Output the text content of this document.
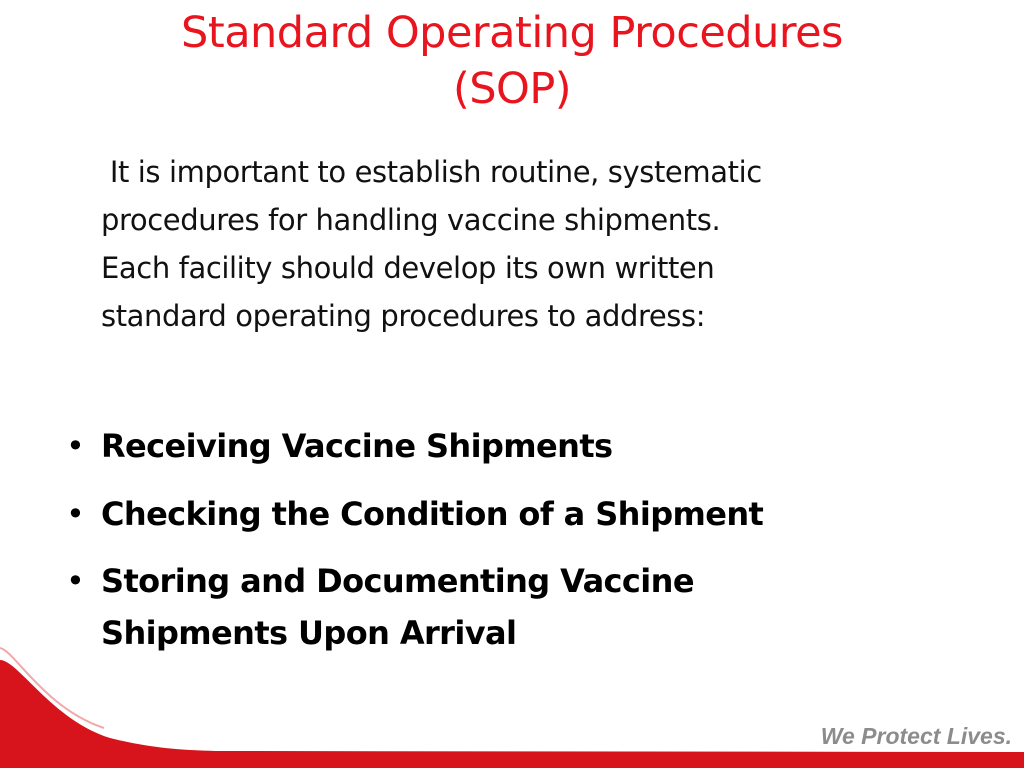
Standard Operating Procedures
(SOP)
It is important to establish routine, systematic
procedures for handling vaccine shipments.
Each facility should develop its own written
standard operating procedures to address:
• Receiving Vaccine Shipments
• Checking the Condition of a Shipment
• Storing and Documenting Vaccine
Shipments Upon Arrival
We Protect Lives.
